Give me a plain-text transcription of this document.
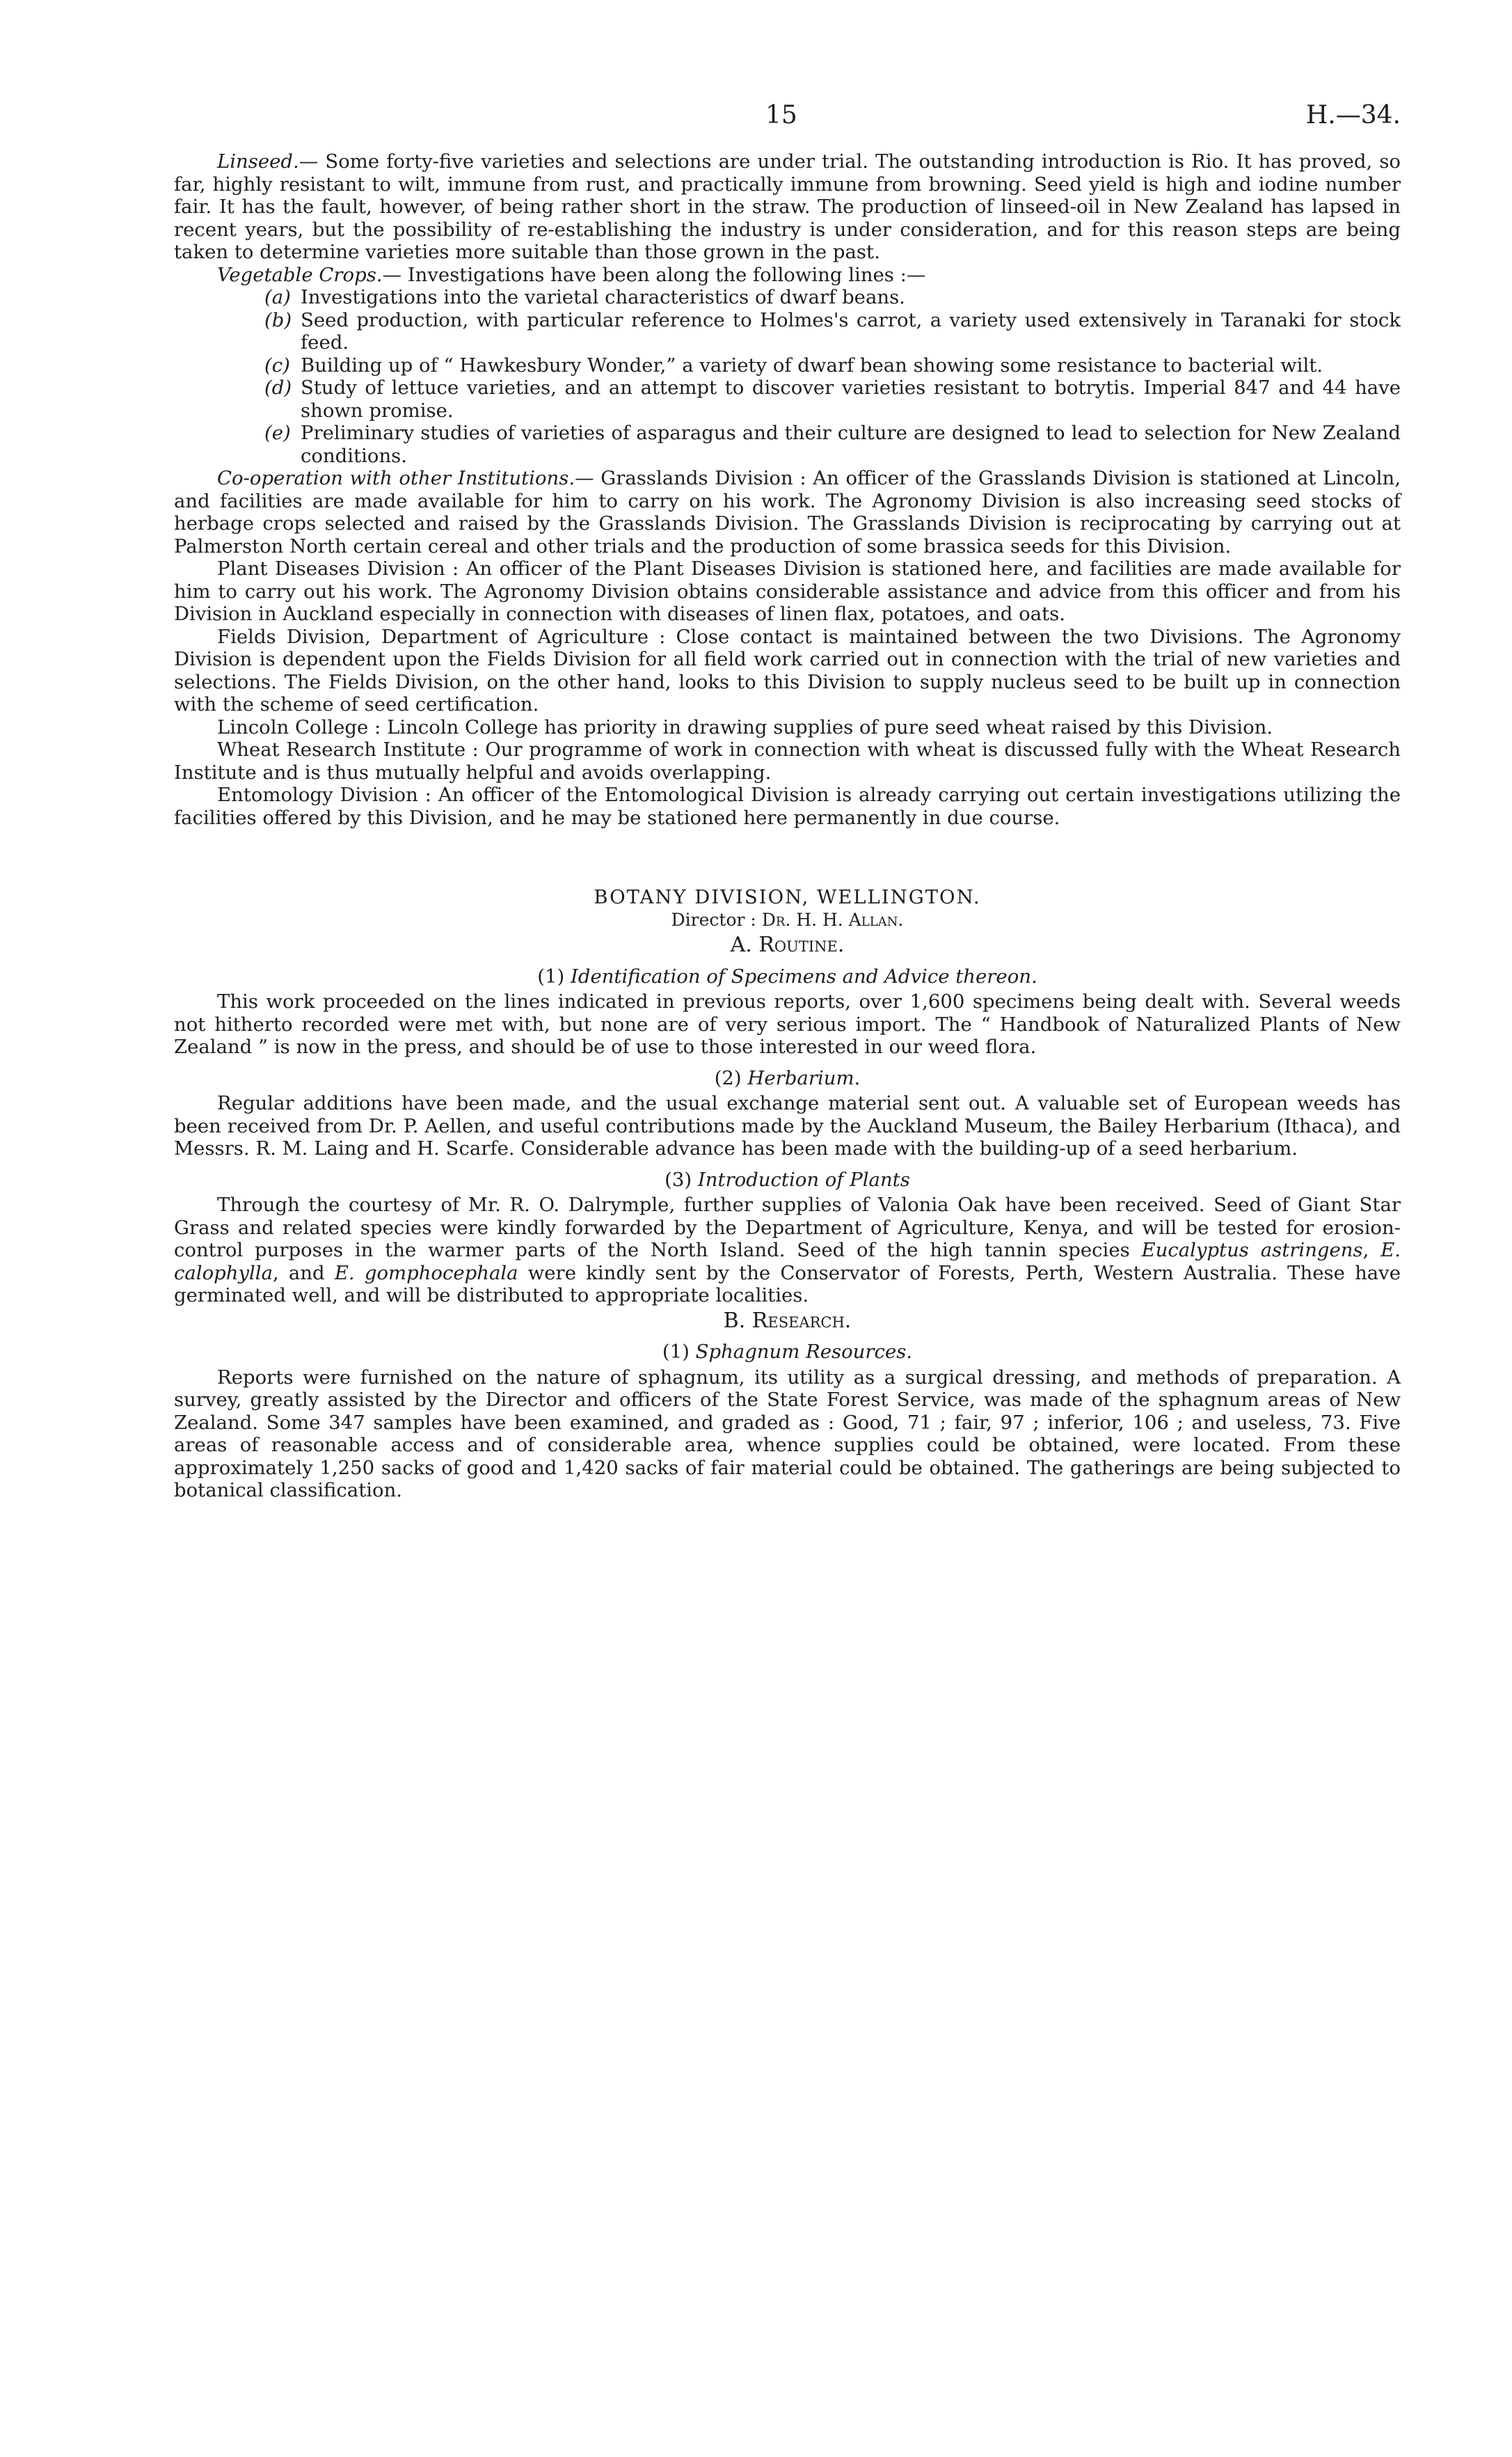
15	H.—34.

Linseed.— Some forty-five varieties and selections are under trial. The outstanding introduction is Rio. It has proved, so far, highly resistant to wilt, immune from rust, and practically immune from browning. Seed yield is high and iodine number fair. It has the fault, however, of being rather short in the straw. The production of linseed-oil in New Zealand has lapsed in recent years, but the possibility of re-establishing the industry is under consideration, and for this reason steps are being taken to determine varieties more suitable than those grown in the past.

Vegetable Crops.— Investigations have been along the following lines :—

(a) Investigations into the varietal characteristics of dwarf beans.
(b) Seed production, with particular reference to Holmes's carrot, a variety used extensively in Taranaki for stock feed.
(c) Building up of “ Hawkesbury Wonder,” a variety of dwarf bean showing some resistance to bacterial wilt.
(d) Study of lettuce varieties, and an attempt to discover varieties resistant to botrytis. Imperial 847 and 44 have shown promise.
(e) Preliminary studies of varieties of asparagus and their culture are designed to lead to selection for New Zealand conditions.

Co-operation with other Institutions.— Grasslands Division : An officer of the Grasslands Division is stationed at Lincoln, and facilities are made available for him to carry on his work. The Agronomy Division is also increasing seed stocks of herbage crops selected and raised by the Grasslands Division. The Grasslands Division is reciprocating by carrying out at Palmerston North certain cereal and other trials and the production of some brassica seeds for this Division.

Plant Diseases Division : An officer of the Plant Diseases Division is stationed here, and facilities are made available for him to carry out his work. The Agronomy Division obtains considerable assistance and advice from this officer and from his Division in Auckland especially in connection with diseases of linen flax, potatoes, and oats.

Fields Division, Department of Agriculture : Close contact is maintained between the two Divisions. The Agronomy Division is dependent upon the Fields Division for all field work carried out in connection with the trial of new varieties and selections. The Fields Division, on the other hand, looks to this Division to supply nucleus seed to be built up in connection with the scheme of seed certification.

Lincoln College : Lincoln College has priority in drawing supplies of pure seed wheat raised by this Division.

Wheat Research Institute : Our programme of work in connection with wheat is discussed fully with the Wheat Research Institute and is thus mutually helpful and avoids overlapping.

Entomology Division : An officer of the Entomological Division is already carrying out certain investigations utilizing the facilities offered by this Division, and he may be stationed here permanently in due course.

BOTANY DIVISION, WELLINGTON.
Director : Dr. H. H. Allan.
A. Routine.
(1) Identification of Specimens and Advice thereon.

This work proceeded on the lines indicated in previous reports, over 1,600 specimens being dealt with. Several weeds not hitherto recorded were met with, but none are of very serious import. The “ Handbook of Naturalized Plants of New Zealand ” is now in the press, and should be of use to those interested in our weed flora.

(2) Herbarium.

Regular additions have been made, and the usual exchange material sent out. A valuable set of European weeds has been received from Dr. P. Aellen, and useful contributions made by the Auckland Museum, the Bailey Herbarium (Ithaca), and Messrs. R. M. Laing and H. Scarfe. Considerable advance has been made with the building-up of a seed herbarium.

(3) Introduction of Plants

Through the courtesy of Mr. R. O. Dalrymple, further supplies of Valonia Oak have been received. Seed of Giant Star Grass and related species were kindly forwarded by the Department of Agriculture, Kenya, and will be tested for erosion-control purposes in the warmer parts of the North Island. Seed of the high tannin species Eucalyptus astringens, E. calophylla, and E. gomphocephala were kindly sent by the Conservator of Forests, Perth, Western Australia. These have germinated well, and will be distributed to appropriate localities.

B. Research.
(1) Sphagnum Resources.

Reports were furnished on the nature of sphagnum, its utility as a surgical dressing, and methods of preparation. A survey, greatly assisted by the Director and officers of the State Forest Service, was made of the sphagnum areas of New Zealand. Some 347 samples have been examined, and graded as : Good, 71 ; fair, 97 ; inferior, 106 ; and useless, 73. Five areas of reasonable access and of considerable area, whence supplies could be obtained, were located. From these approximately 1,250 sacks of good and 1,420 sacks of fair material could be obtained. The gatherings are being subjected to botanical classification.
